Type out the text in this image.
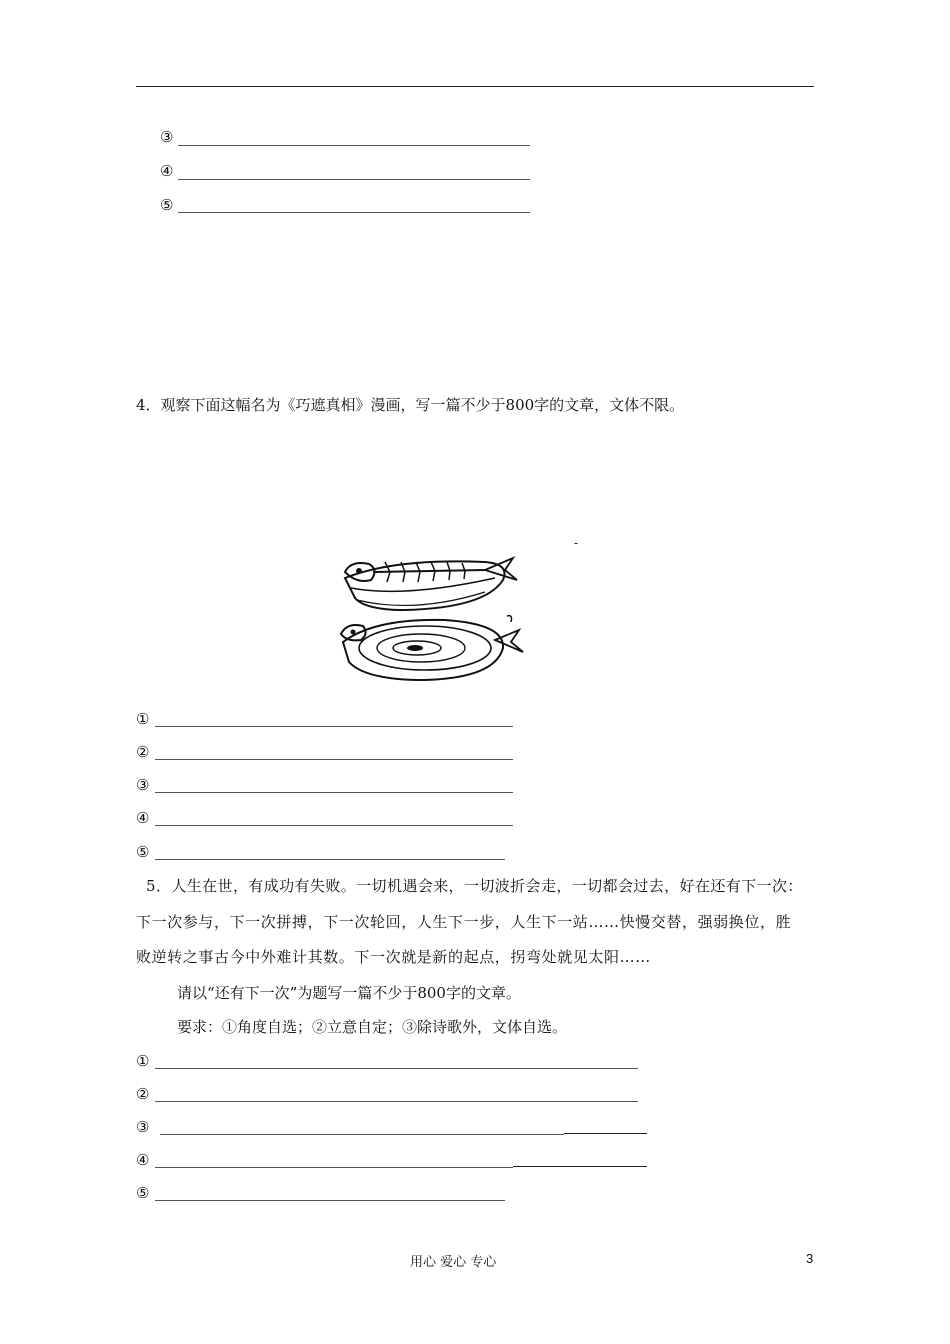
③
④
⑤
4．观察下面这幅名为《巧遮真相》漫画，写一篇不少于800字的文章，文体不限。
-
①
②
③
④
⑤
5．人生在世，有成功有失败。一切机遇会来，一切波折会走，一切都会过去，好在还有下一次：
下一次参与，下一次拼搏，下一次轮回，人生下一步，人生下一站……快慢交替，强弱换位，胜
败逆转之事古今中外难计其数。下一次就是新的起点，拐弯处就见太阳……
请以“还有下一次”为题写一篇不少于800字的文章。
要求：①角度自选；②立意自定；③除诗歌外，文体自选。
①
②
③
④
⑤
用心 爱心 专心	3
